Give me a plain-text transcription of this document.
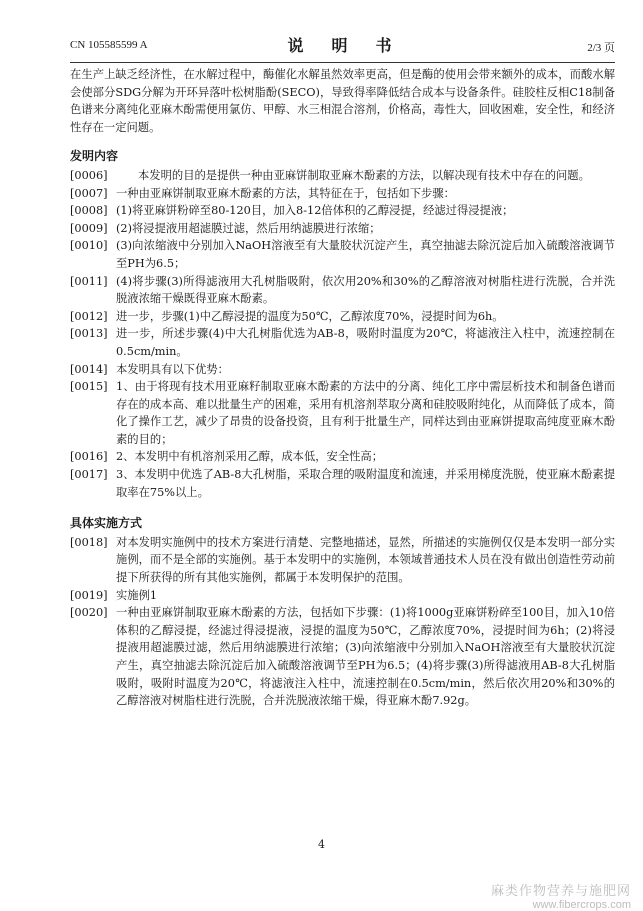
CN 105585599 A	说　明　书	2/3 页

在生产上缺乏经济性，在水解过程中，酶催化水解虽然效率更高，但是酶的使用会带来额外的成本，而酸水解会使部分SDG分解为开环异落叶松树脂酚(SECO)，导致得率降低结合成本与设备条件。硅胶柱反相C18制备色谱来分离纯化亚麻木酚需便用氯仿、甲醇、水三相混合溶剂，价格高，毒性大，回收困难，安全性，和经济性存在一定问题。

发明内容
[0006]	本发明的目的是提供一种由亚麻饼制取亚麻木酚素的方法，以解决现有技术中存在的问题。
[0007] 一种由亚麻饼制取亚麻木酚素的方法，其特征在于，包括如下步骤：
[0008] (1)将亚麻饼粉碎至80-120目，加入8-12倍体积的乙醇浸提，经滤过得浸提液；
[0009] (2)将浸提液用超滤膜过滤，然后用纳滤膜进行浓缩；
[0010] (3)向浓缩液中分别加入NaOH溶液至有大量胶状沉淀产生，真空抽滤去除沉淀后加入硫酸溶液调节至PH为6.5；
[0011] (4)将步骤(3)所得滤液用大孔树脂吸附，依次用20%和30%的乙醇溶液对树脂柱进行洗脱，合并洗脱液浓缩干燥既得亚麻木酚素。
[0012] 进一步，步骤(1)中乙醇浸提的温度为50℃，乙醇浓度70%，浸提时间为6h。
[0013] 进一步，所述步骤(4)中大孔树脂优选为AB-8，吸附时温度为20℃，将滤液注入柱中，流速控制在0.5cm/min。
[0014] 本发明具有以下优势：
[0015] 1、由于将现有技术用亚麻籽制取亚麻木酚素的方法中的分离、纯化工序中需层析技术和制备色谱而存在的成本高、难以批量生产的困难，采用有机溶剂萃取分离和硅胶吸附纯化，从而降低了成本，简化了操作工艺，减少了昂贵的设备投资，且有利于批量生产，同样达到由亚麻饼提取高纯度亚麻木酚素的目的；
[0016] 2、本发明中有机溶剂采用乙醇，成本低，安全性高；
[0017] 3、本发明中优选了AB-8大孔树脂，采取合理的吸附温度和流速，并采用梯度洗脱，使亚麻木酚素提取率在75%以上。
具体实施方式
[0018] 对本发明实施例中的技术方案进行清楚、完整地描述，显然，所描述的实施例仅仅是本发明一部分实施例，而不是全部的实施例。基于本发明中的实施例，本领域普通技术人员在没有做出创造性劳动前提下所获得的所有其他实施例，都属于本发明保护的范围。
[0019] 实施例1
[0020] 一种由亚麻饼制取亚麻木酚素的方法，包括如下步骤：(1)将1000g亚麻饼粉碎至100目，加入10倍体积的乙醇浸提，经滤过得浸提液，浸提的温度为50℃，乙醇浓度70%，浸提时间为6h；(2)将浸提液用超滤膜过滤，然后用纳滤膜进行浓缩；(3)向浓缩液中分别加入NaOH溶液至有大量胶状沉淀产生，真空抽滤去除沉淀后加入硫酸溶液调节至PH为6.5；(4)将步骤(3)所得滤液用AB-8大孔树脂吸附，吸附时温度为20℃，将滤液注入柱中，流速控制在0.5cm/min，然后依次用20%和30%的乙醇溶液对树脂柱进行洗脱，合并洗脱液浓缩干燥，得亚麻木酚7.92g。
4
麻类作物营养与施肥网
www.fibercrops.com
